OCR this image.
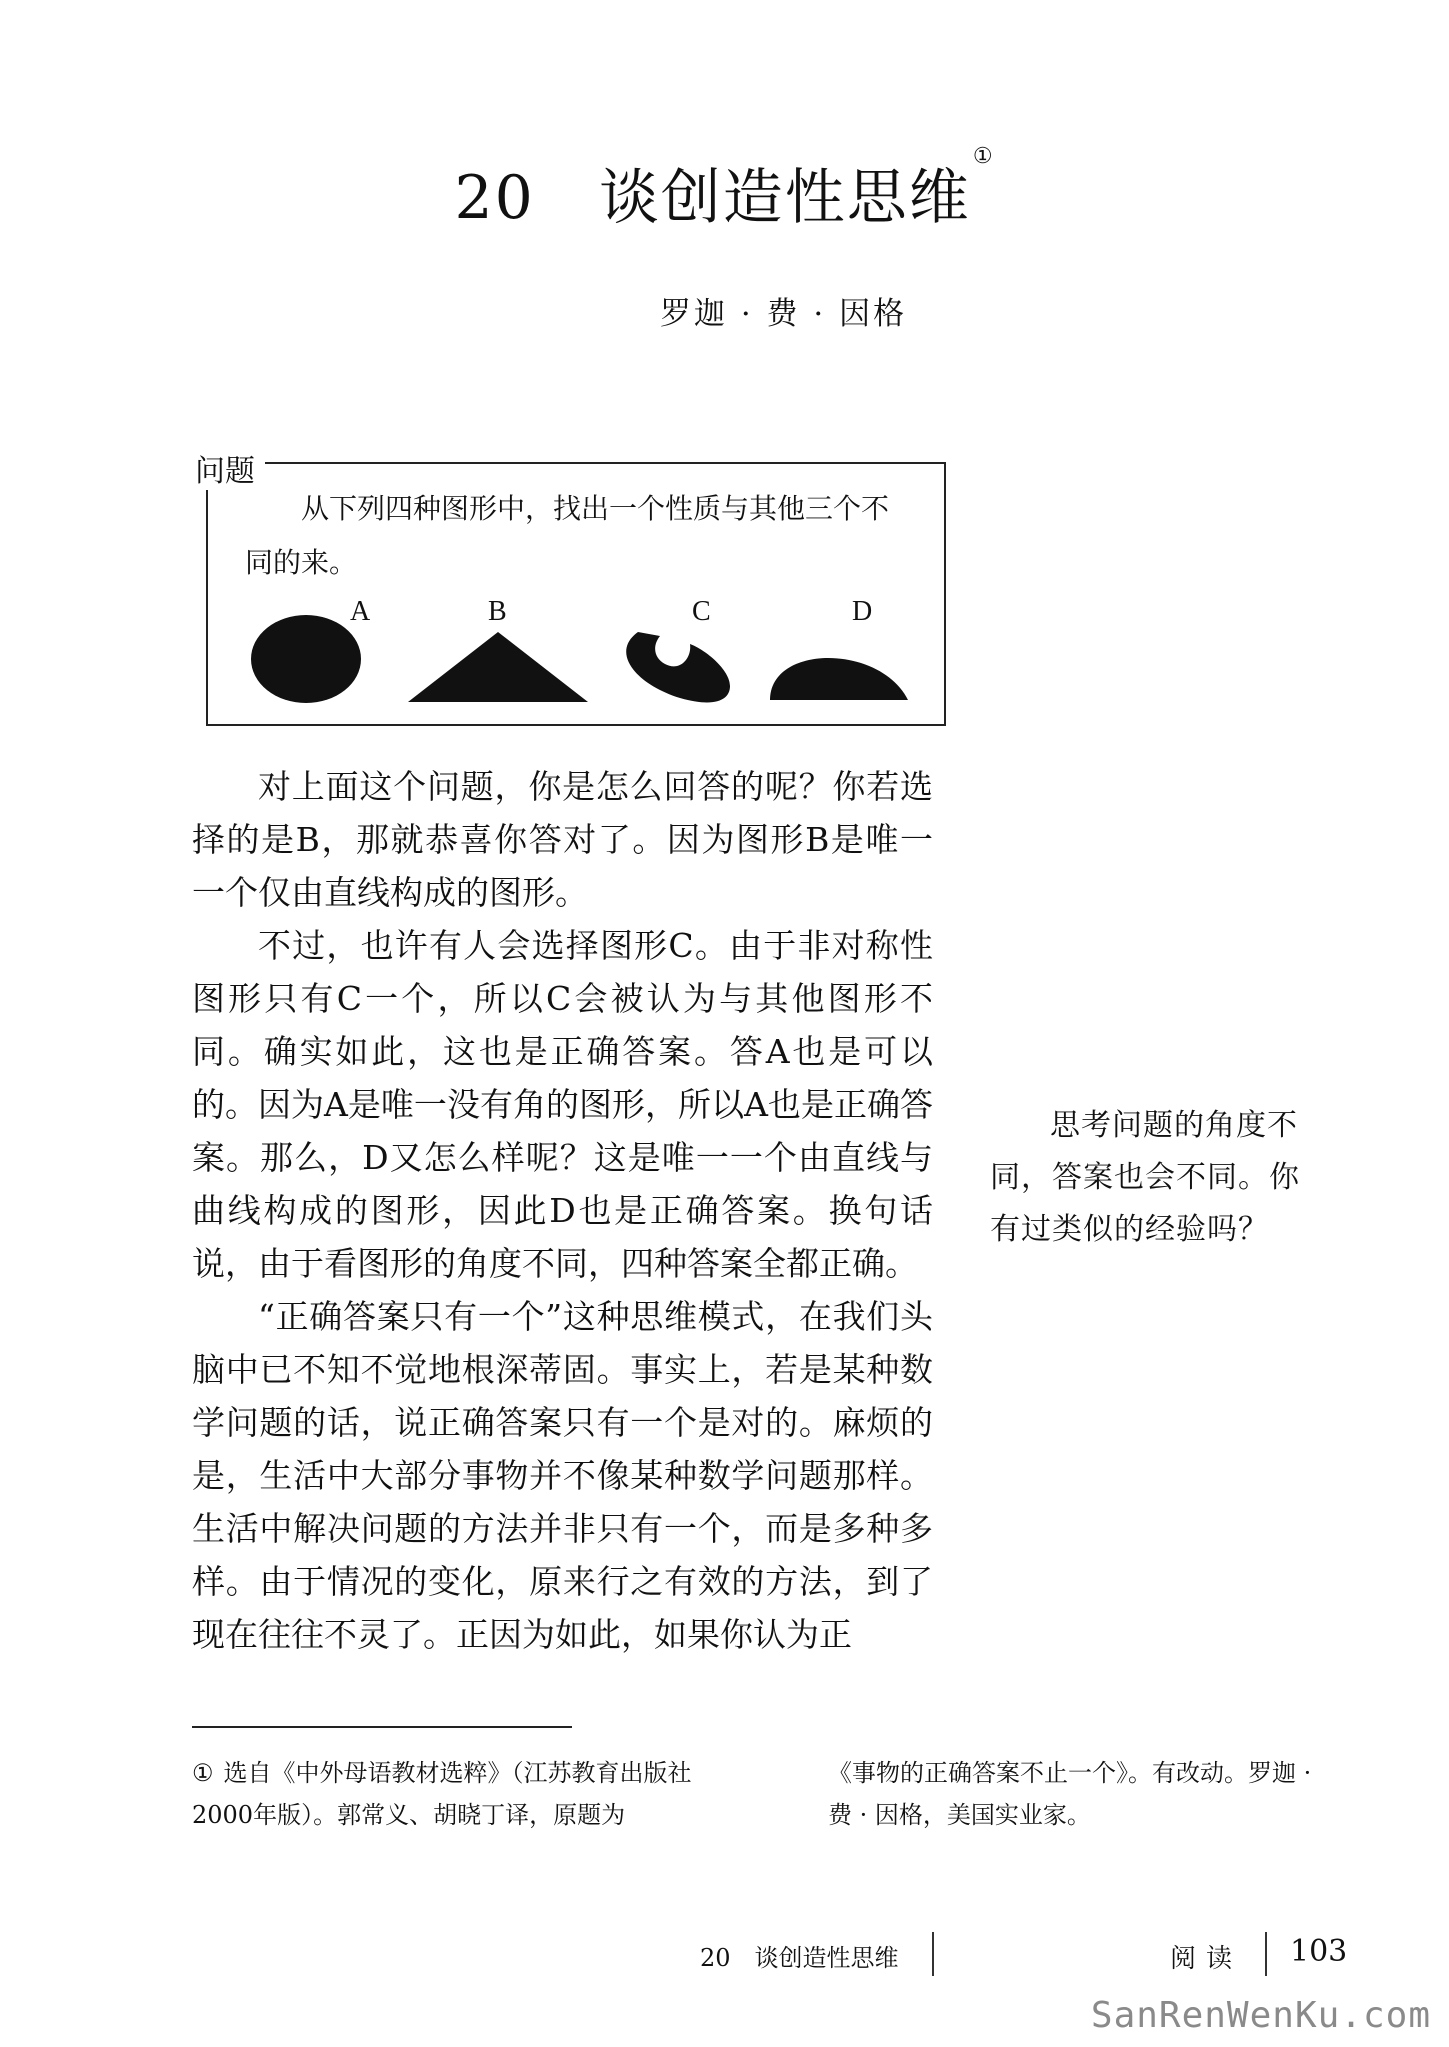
20 谈创造性思维①
罗迦 · 费 · 因格
问题
从下列四种图形中，找出一个性质与其他三个不同的来。
A	B	C	D

对上面这个问题，你是怎么回答的呢？你若选择的是B，那就恭喜你答对了。因为图形B是唯一一个仅由直线构成的图形。

不过，也许有人会选择图形C。由于非对称性图形只有C一个，所以C会被认为与其他图形不同。确实如此，这也是正确答案。答A也是可以的。因为A是唯一没有角的图形，所以A也是正确答案。那么，D又怎么样呢？这是唯一一个由直线与曲线构成的图形，因此D也是正确答案。换句话说，由于看图形的角度不同，四种答案全都正确。

“正确答案只有一个”这种思维模式，在我们头脑中已不知不觉地根深蒂固。事实上，若是某种数学问题的话，说正确答案只有一个是对的。麻烦的是，生活中大部分事物并不像某种数学问题那样。生活中解决问题的方法并非只有一个，而是多种多样。由于情况的变化，原来行之有效的方法，到了现在往往不灵了。正因为如此，如果你认为正

思考问题的角度不同，答案也会不同。你有过类似的经验吗？
① 选自《中外母语教材选粹》（江苏教育出版社2000年版）。郭常义、胡晓丁译，原题为
《事物的正确答案不止一个》。有改动。罗迦 · 费 · 因格，美国实业家。
20　谈创造性思维	阅读 103
SanRenWenKu.com
